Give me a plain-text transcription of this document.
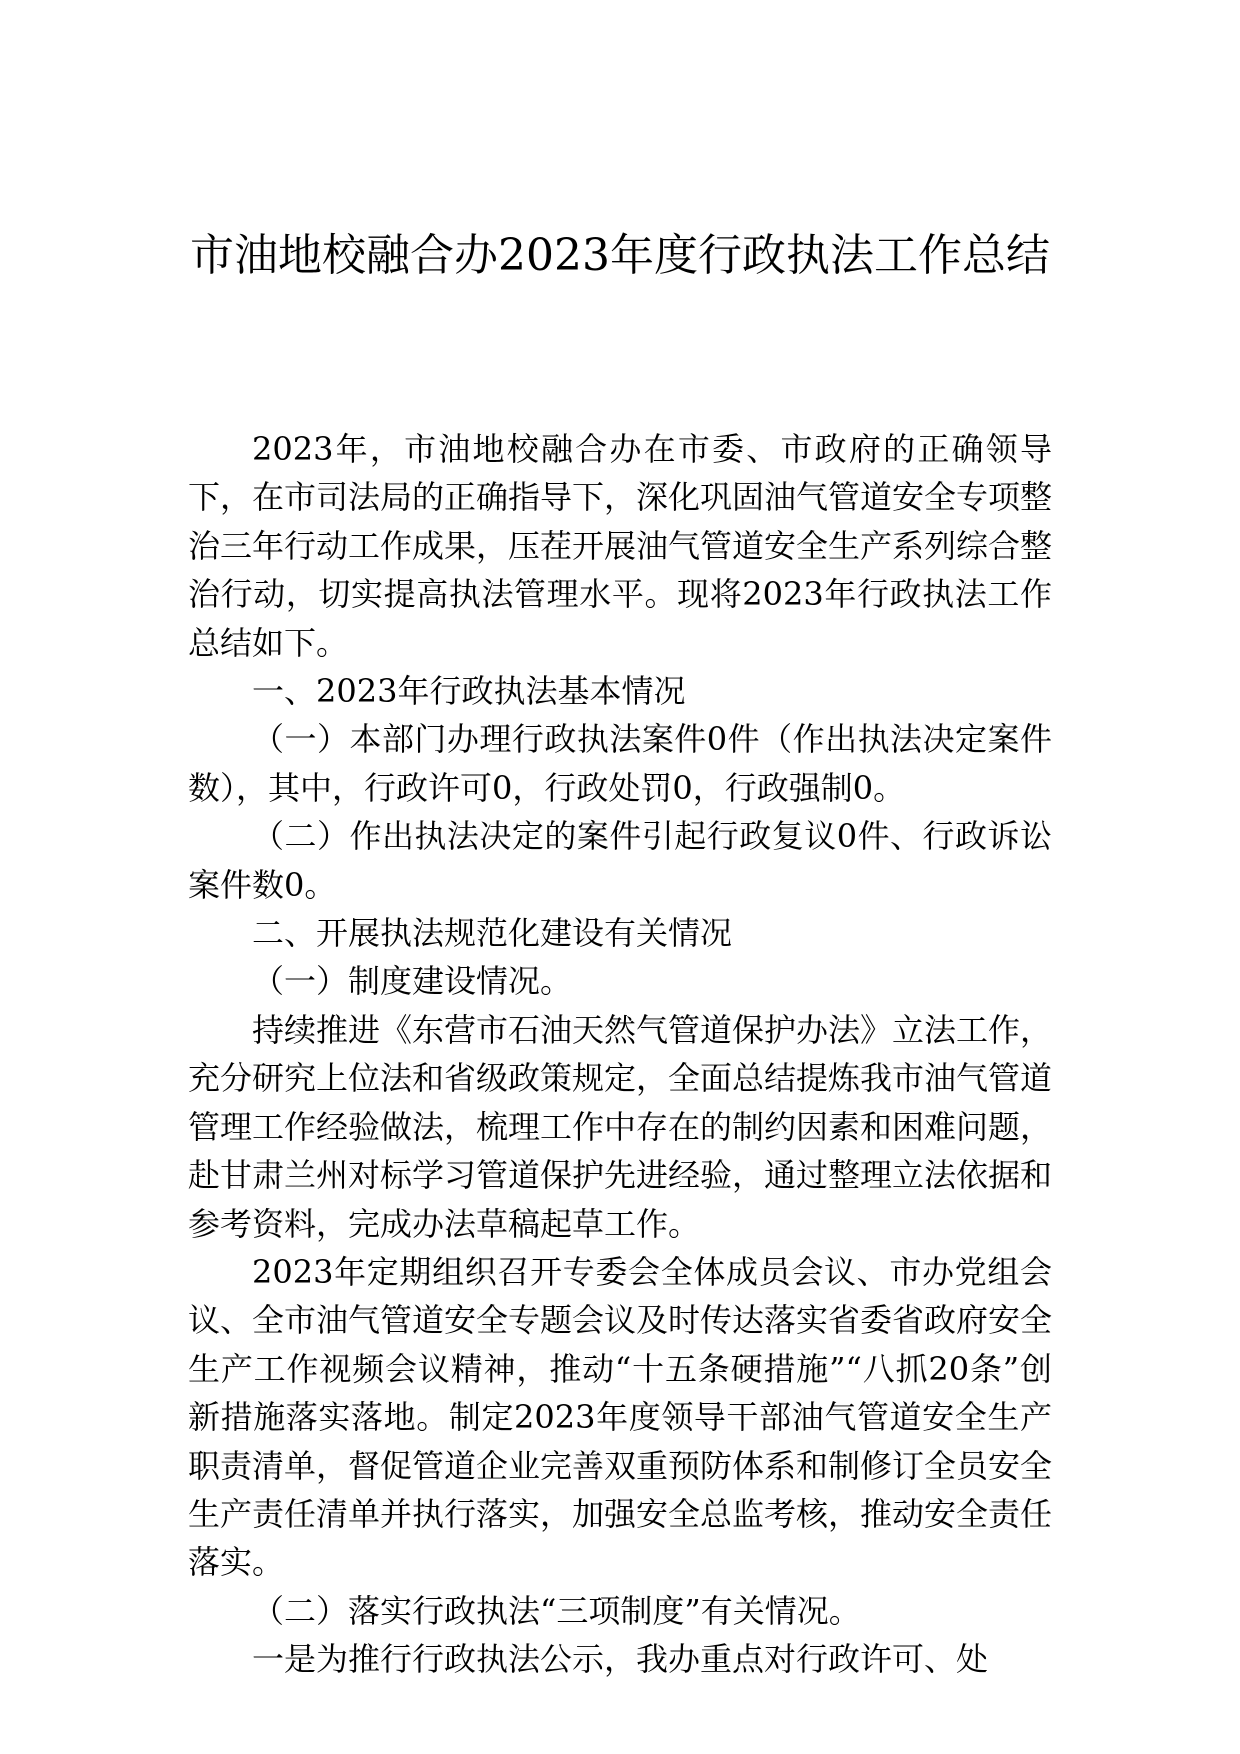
市油地校融合办2023年度行政执法工作总结

2023年，市油地校融合办在市委、市政府的正确领导下，在市司法局的正确指导下，深化巩固油气管道安全专项整治三年行动工作成果，压茬开展油气管道安全生产系列综合整治行动，切实提高执法管理水平。现将2023年行政执法工作总结如下。

一、2023年行政执法基本情况

（一）本部门办理行政执法案件0件（作出执法决定案件数），其中，行政许可0，行政处罚0，行政强制0。

（二）作出执法决定的案件引起行政复议0件、行政诉讼案件数0。

二、开展执法规范化建设有关情况

（一）制度建设情况。

持续推进《东营市石油天然气管道保护办法》立法工作，充分研究上位法和省级政策规定，全面总结提炼我市油气管道管理工作经验做法，梳理工作中存在的制约因素和困难问题，赴甘肃兰州对标学习管道保护先进经验，通过整理立法依据和参考资料，完成办法草稿起草工作。

2023年定期组织召开专委会全体成员会议、市办党组会议、全市油气管道安全专题会议及时传达落实省委省政府安全生产工作视频会议精神，推动“十五条硬措施”“八抓20条”创新措施落实落地。制定2023年度领导干部油气管道安全生产职责清单，督促管道企业完善双重预防体系和制修订全员安全生产责任清单并执行落实，加强安全总监考核，推动安全责任落实。

（二）落实行政执法“三项制度”有关情况。

一是为推行行政执法公示，我办重点对行政许可、处
